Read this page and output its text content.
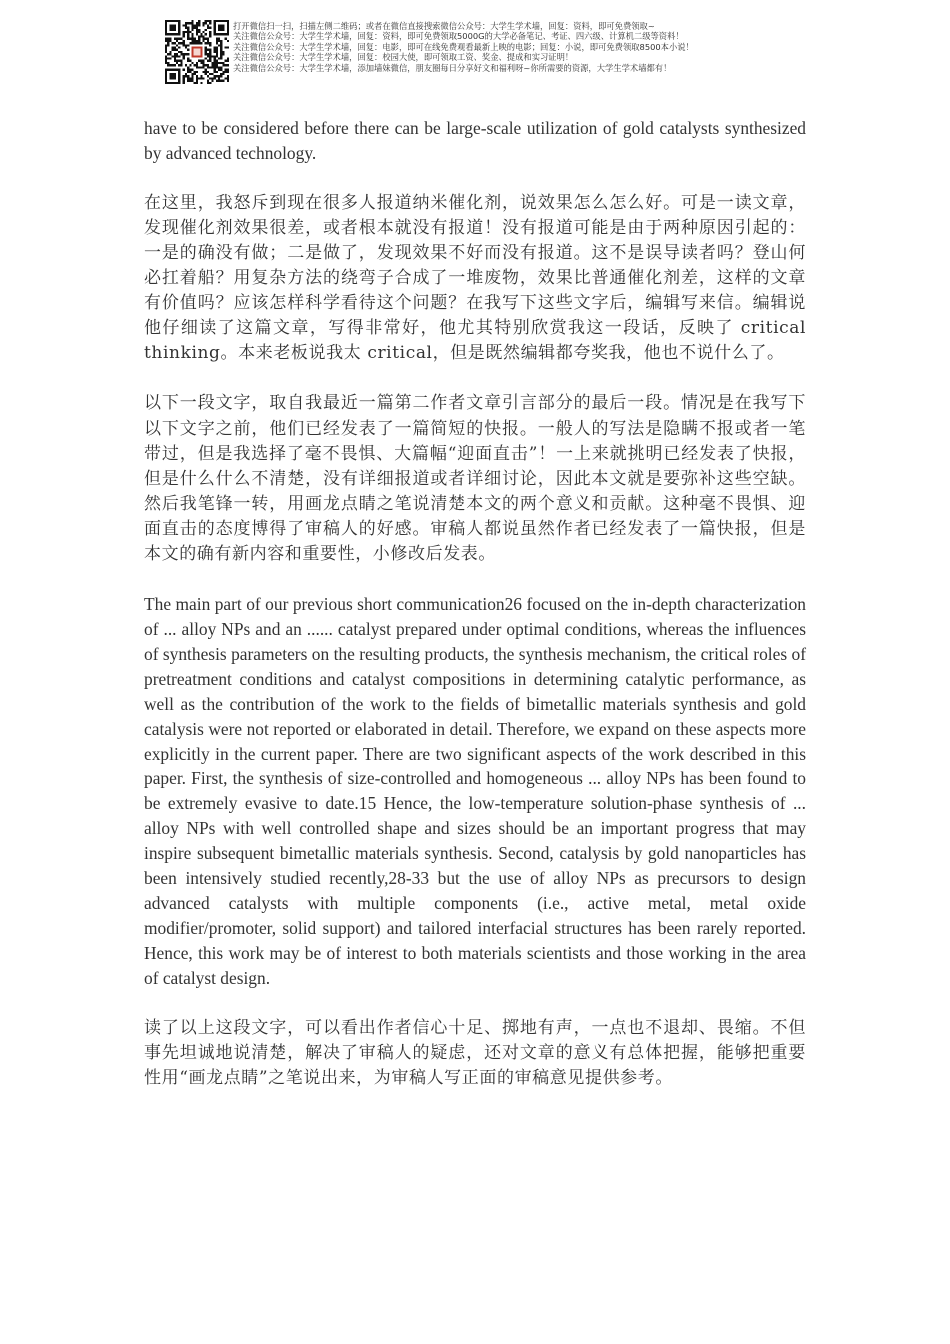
打开微信扫一扫，扫描左侧二维码；或者在微信直接搜索微信公众号：大学生学术墙，回复：资料，即可免费领取~
关注微信公众号：大学生学术墙，回复：资料，即可免费领取5000G的大学必备笔记、考证、四六级、计算机二级等资料！
关注微信公众号：大学生学术墙，回复：电影，即可在线免费观看最新上映的电影；回复：小说，即可免费领取8500本小说！
关注微信公众号：大学生学术墙，回复：校园大使，即可领取工资、奖金、提成和实习证明！
关注微信公众号：大学生学术墙，添加墙妹微信，朋友圈每日分享好文和福利呀~你所需要的资源，大学生学术墙都有！

have to be considered before there can be large-scale utilization of gold catalysts synthesized by advanced technology.

在这里，我怒斥到现在很多人报道纳米催化剂，说效果怎么怎么好。可是一读文章，发现催化剂效果很差，或者根本就没有报道！没有报道可能是由于两种原因引起的：一是的确没有做；二是做了，发现效果不好而没有报道。这不是误导读者吗？登山何必扛着船？用复杂方法的绕弯子合成了一堆废物，效果比普通催化剂差，这样的文章有价值吗？应该怎样科学看待这个问题？在我写下这些文字后，编辑写来信。编辑说他仔细读了这篇文章，写得非常好，他尤其特别欣赏我这一段话，反映了 critical　thinking。本来老板说我太 critical，但是既然编辑都夸奖我，他也不说什么了。

以下一段文字，取自我最近一篇第二作者文章引言部分的最后一段。情况是在我写下以下文字之前，他们已经发表了一篇简短的快报。一般人的写法是隐瞒不报或者一笔带过，但是我选择了毫不畏惧、大篇幅“迎面直击”！一上来就挑明已经发表了快报，但是什么什么不清楚，没有详细报道或者详细讨论，因此本文就是要弥补这些空缺。然后我笔锋一转，用画龙点睛之笔说清楚本文的两个意义和贡献。这种毫不畏惧、迎面直击的态度博得了审稿人的好感。审稿人都说虽然作者已经发表了一篇快报，但是本文的确有新内容和重要性，小修改后发表。

The main part of our previous short communication26 focused on the in-depth characterization of ... alloy NPs and an ...... catalyst prepared under optimal conditions, whereas the influences of synthesis parameters on the resulting products, the synthesis mechanism, the critical roles of pretreatment conditions and catalyst compositions in determining catalytic performance, as well as the contribution of the work to the fields of bimetallic materials synthesis and gold catalysis were not reported or elaborated in detail. Therefore, we expand on these aspects more explicitly in the current paper. There are two significant aspects of the work described in this paper. First, the synthesis of size-controlled and homogeneous ... alloy NPs has been found to be extremely evasive to date.15 Hence, the low-temperature solution-phase synthesis of ... alloy NPs with well controlled shape and sizes should be an important progress that may inspire subsequent bimetallic materials synthesis. Second, catalysis by gold nanoparticles has been intensively studied recently,28-33 but the use of alloy NPs as precursors to design advanced catalysts with multiple components (i.e., active metal, metal oxide modifier/promoter, solid support) and tailored interfacial structures has been rarely reported. Hence, this work may be of interest to both materials scientists and those working in the area of catalyst design.

读了以上这段文字，可以看出作者信心十足、掷地有声，一点也不退却、畏缩。不但事先坦诚地说清楚，解决了审稿人的疑虑，还对文章的意义有总体把握，能够把重要性用“画龙点睛”之笔说出来，为审稿人写正面的审稿意见提供参考。
